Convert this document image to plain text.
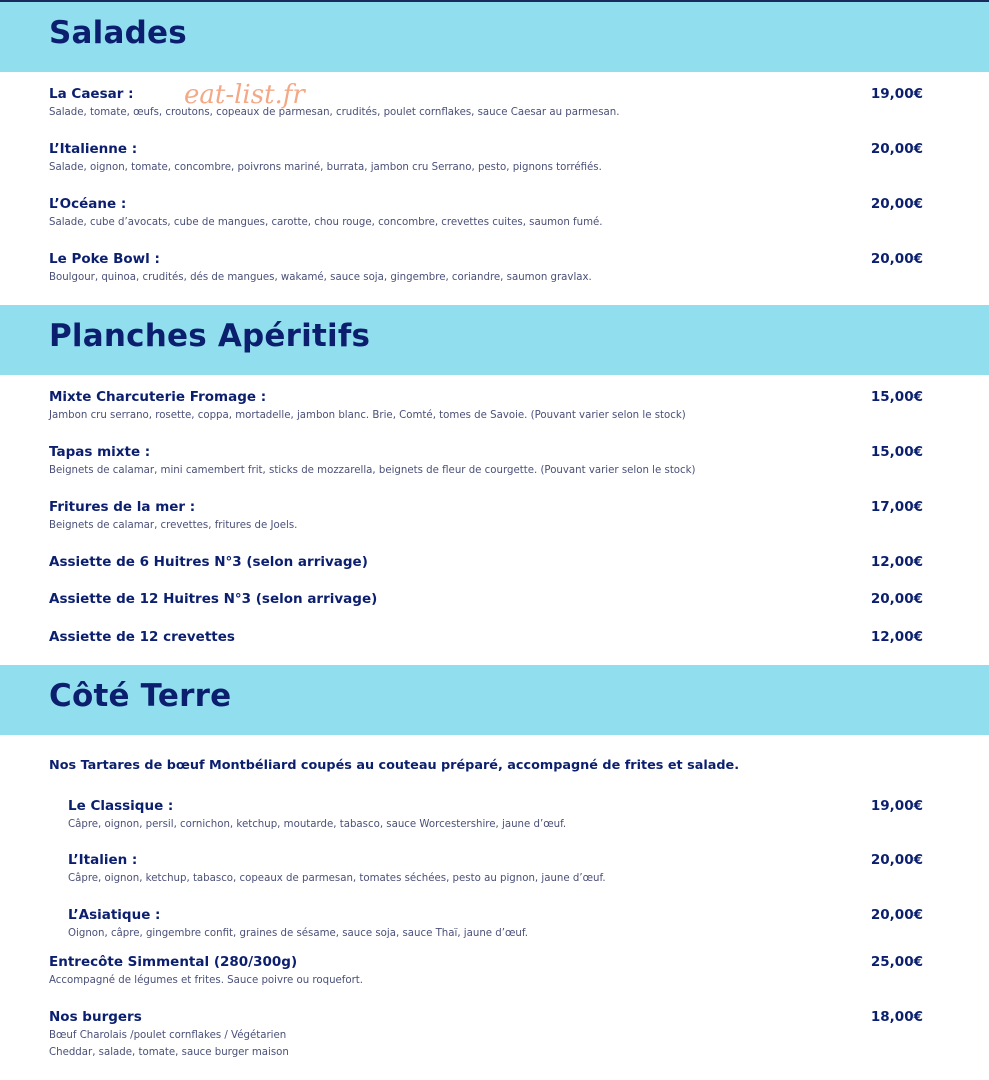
Salades
eat-list.fr
La Caesar :
Salade, tomate, œufs, croutons, copeaux de parmesan, crudités, poulet cornflakes, sauce Caesar au parmesan.
19,00€
L’Italienne :
Salade, oignon, tomate, concombre, poivrons mariné, burrata, jambon cru Serrano, pesto, pignons torréfiés.
20,00€
L’Océane :
Salade, cube d’avocats, cube de mangues, carotte, chou rouge, concombre, crevettes cuites, saumon fumé.
20,00€
Le Poke Bowl :
Boulgour, quinoa, crudités, dés de mangues, wakamé, sauce soja, gingembre, coriandre, saumon gravlax.
20,00€
Planches Apéritifs
Mixte Charcuterie Fromage :
Jambon cru serrano, rosette, coppa, mortadelle, jambon blanc. Brie, Comté, tomes de Savoie. (Pouvant varier selon le stock)
15,00€
Tapas mixte :
Beignets de calamar, mini camembert frit, sticks de mozzarella, beignets de fleur de courgette. (Pouvant varier selon le stock)
15,00€
Fritures de la mer :
Beignets de calamar, crevettes, fritures de Joels.
17,00€
Assiette de 6 Huitres N°3 (selon arrivage)	12,00€
Assiette de 12 Huitres N°3 (selon arrivage)	20,00€
Assiette de 12 crevettes	12,00€
Côté Terre
Nos Tartares de bœuf Montbéliard coupés au couteau préparé, accompagné de frites et salade.
Le Classique :
Câpre, oignon, persil, cornichon, ketchup, moutarde, tabasco, sauce Worcestershire, jaune d’œuf.
19,00€
L’Italien :
Câpre, oignon, ketchup, tabasco, copeaux de parmesan, tomates séchées, pesto au pignon, jaune d’œuf.
20,00€
L’Asiatique :
Oignon, câpre, gingembre confit, graines de sésame, sauce soja, sauce Thaï, jaune d’œuf.
20,00€
Entrecôte Simmental (280/300g)
Accompagné de légumes et frites. Sauce poivre ou roquefort.
25,00€
Nos burgers
Bœuf Charolais /poulet cornflakes / Végétarien
Cheddar, salade, tomate, sauce burger maison
18,00€
